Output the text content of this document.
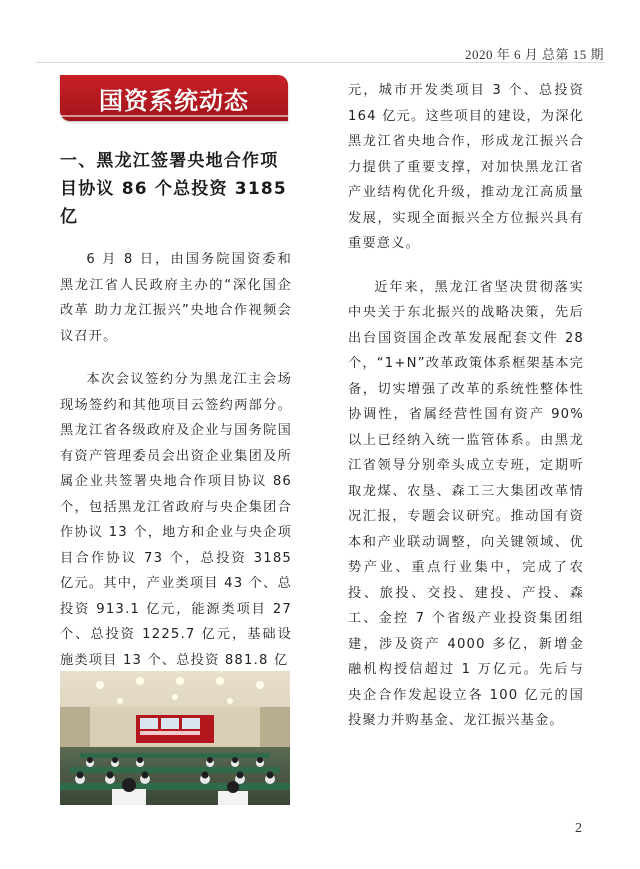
2020 年 6 月 总第 15 期
国资系统动态
一、黑龙江签署央地合作项目协议 86 个总投资 3185 亿

6 月 8 日，由国务院国资委和黑龙江省人民政府主办的“深化国企改革 助力龙江振兴”央地合作视频会议召开。

本次会议签约分为黑龙江主会场现场签约和其他项目云签约两部分。黑龙江省各级政府及企业与国务院国有资产管理委员会出资企业集团及所属企业共签署央地合作项目协议 86 个，包括黑龙江省政府与央企集团合作协议 13 个，地方和企业与央企项目合作协议 73 个，总投资 3185 亿元。其中，产业类项目 43 个、总投资 913.1 亿元，能源类项目 27 个、总投资 1225.7 亿元，基础设施类项目 13 个、总投资 881.8 亿

元，城市开发类项目 3 个、总投资 164 亿元。这些项目的建设，为深化黑龙江省央地合作，形成龙江振兴合力提供了重要支撑，对加快黑龙江省产业结构优化升级，推动龙江高质量发展，实现全面振兴全方位振兴具有重要意义。

近年来，黑龙江省坚决贯彻落实中央关于东北振兴的战略决策，先后出台国资国企改革发展配套文件 28 个，“1+N”改革政策体系框架基本完备，切实增强了改革的系统性整体性协调性，省属经营性国有资产 90% 以上已经纳入统一监管体系。由黑龙江省领导分别牵头成立专班，定期听取龙煤、农垦、森工三大集团改革情况汇报，专题会议研究。推动国有资本和产业联动调整，向关键领域、优势产业、重点行业集中，完成了农投、旅投、交投、建投、产投、森工、金控 7 个省级产业投资集团组建，涉及资产 4000 多亿，新增金融机构授信超过 1 万亿元。先后与央企合作发起设立各 100 亿元的国投聚力并购基金、龙江振兴基金。

2
